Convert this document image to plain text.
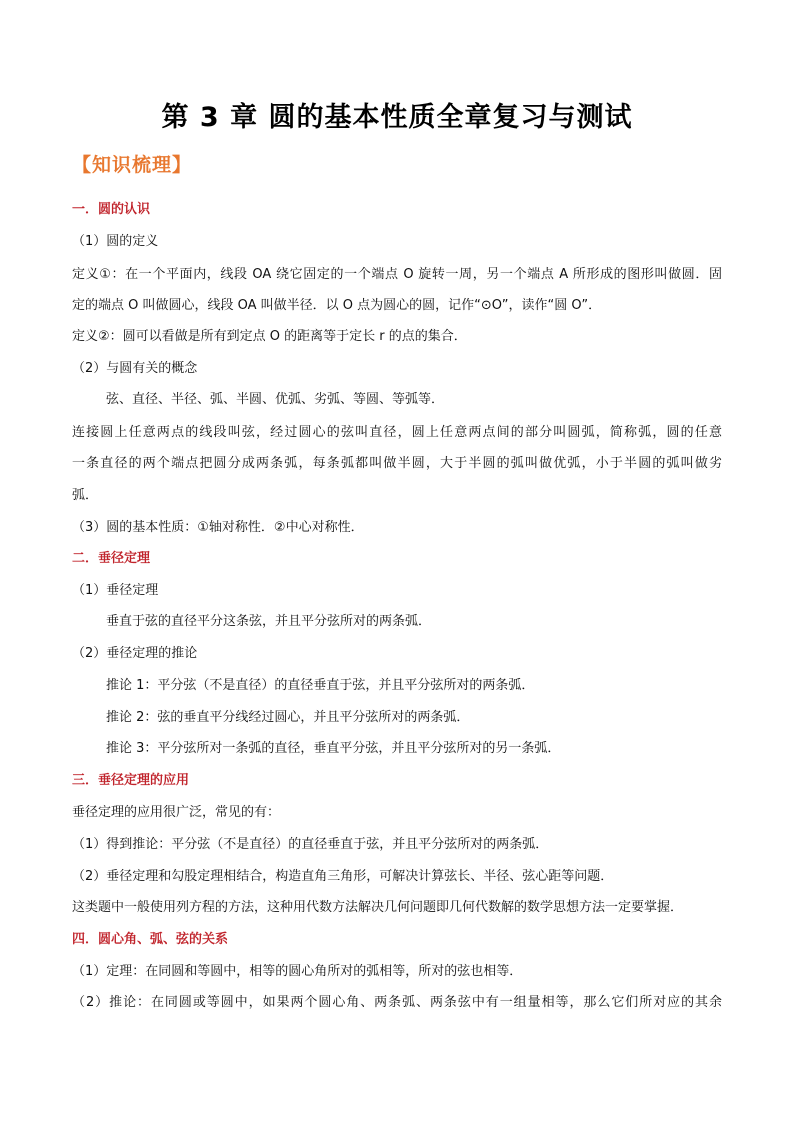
第 3 章 圆的基本性质全章复习与测试
【知识梳理】
一．圆的认识
（1）圆的定义
定义①：在一个平面内，线段 OA 绕它固定的一个端点 O 旋转一周，另一个端点 A 所形成的图形叫做圆．固
定的端点 O 叫做圆心，线段 OA 叫做半径．以 O 点为圆心的圆，记作“⊙O”，读作“圆 O”．
定义②：圆可以看做是所有到定点 O 的距离等于定长 r 的点的集合．
（2）与圆有关的概念
弦、直径、半径、弧、半圆、优弧、劣弧、等圆、等弧等．
连接圆上任意两点的线段叫弦，经过圆心的弦叫直径，圆上任意两点间的部分叫圆弧，简称弧，圆的任意
一条直径的两个端点把圆分成两条弧，每条弧都叫做半圆，大于半圆的弧叫做优弧，小于半圆的弧叫做劣
弧．
（3）圆的基本性质：①轴对称性．②中心对称性．
二．垂径定理
（1）垂径定理
垂直于弦的直径平分这条弦，并且平分弦所对的两条弧．
（2）垂径定理的推论
推论 1：平分弦（不是直径）的直径垂直于弦，并且平分弦所对的两条弧．
推论 2：弦的垂直平分线经过圆心，并且平分弦所对的两条弧．
推论 3：平分弦所对一条弧的直径，垂直平分弦，并且平分弦所对的另一条弧．
三．垂径定理的应用
垂径定理的应用很广泛，常见的有：
（1）得到推论：平分弦（不是直径）的直径垂直于弦，并且平分弦所对的两条弧．
（2）垂径定理和勾股定理相结合，构造直角三角形，可解决计算弦长、半径、弦心距等问题．
这类题中一般使用列方程的方法，这种用代数方法解决几何问题即几何代数解的数学思想方法一定要掌握．
四．圆心角、弧、弦的关系
（1）定理：在同圆和等圆中，相等的圆心角所对的弧相等，所对的弦也相等．
（2）推论：在同圆或等圆中，如果两个圆心角、两条弧、两条弦中有一组量相等，那么它们所对应的其余
